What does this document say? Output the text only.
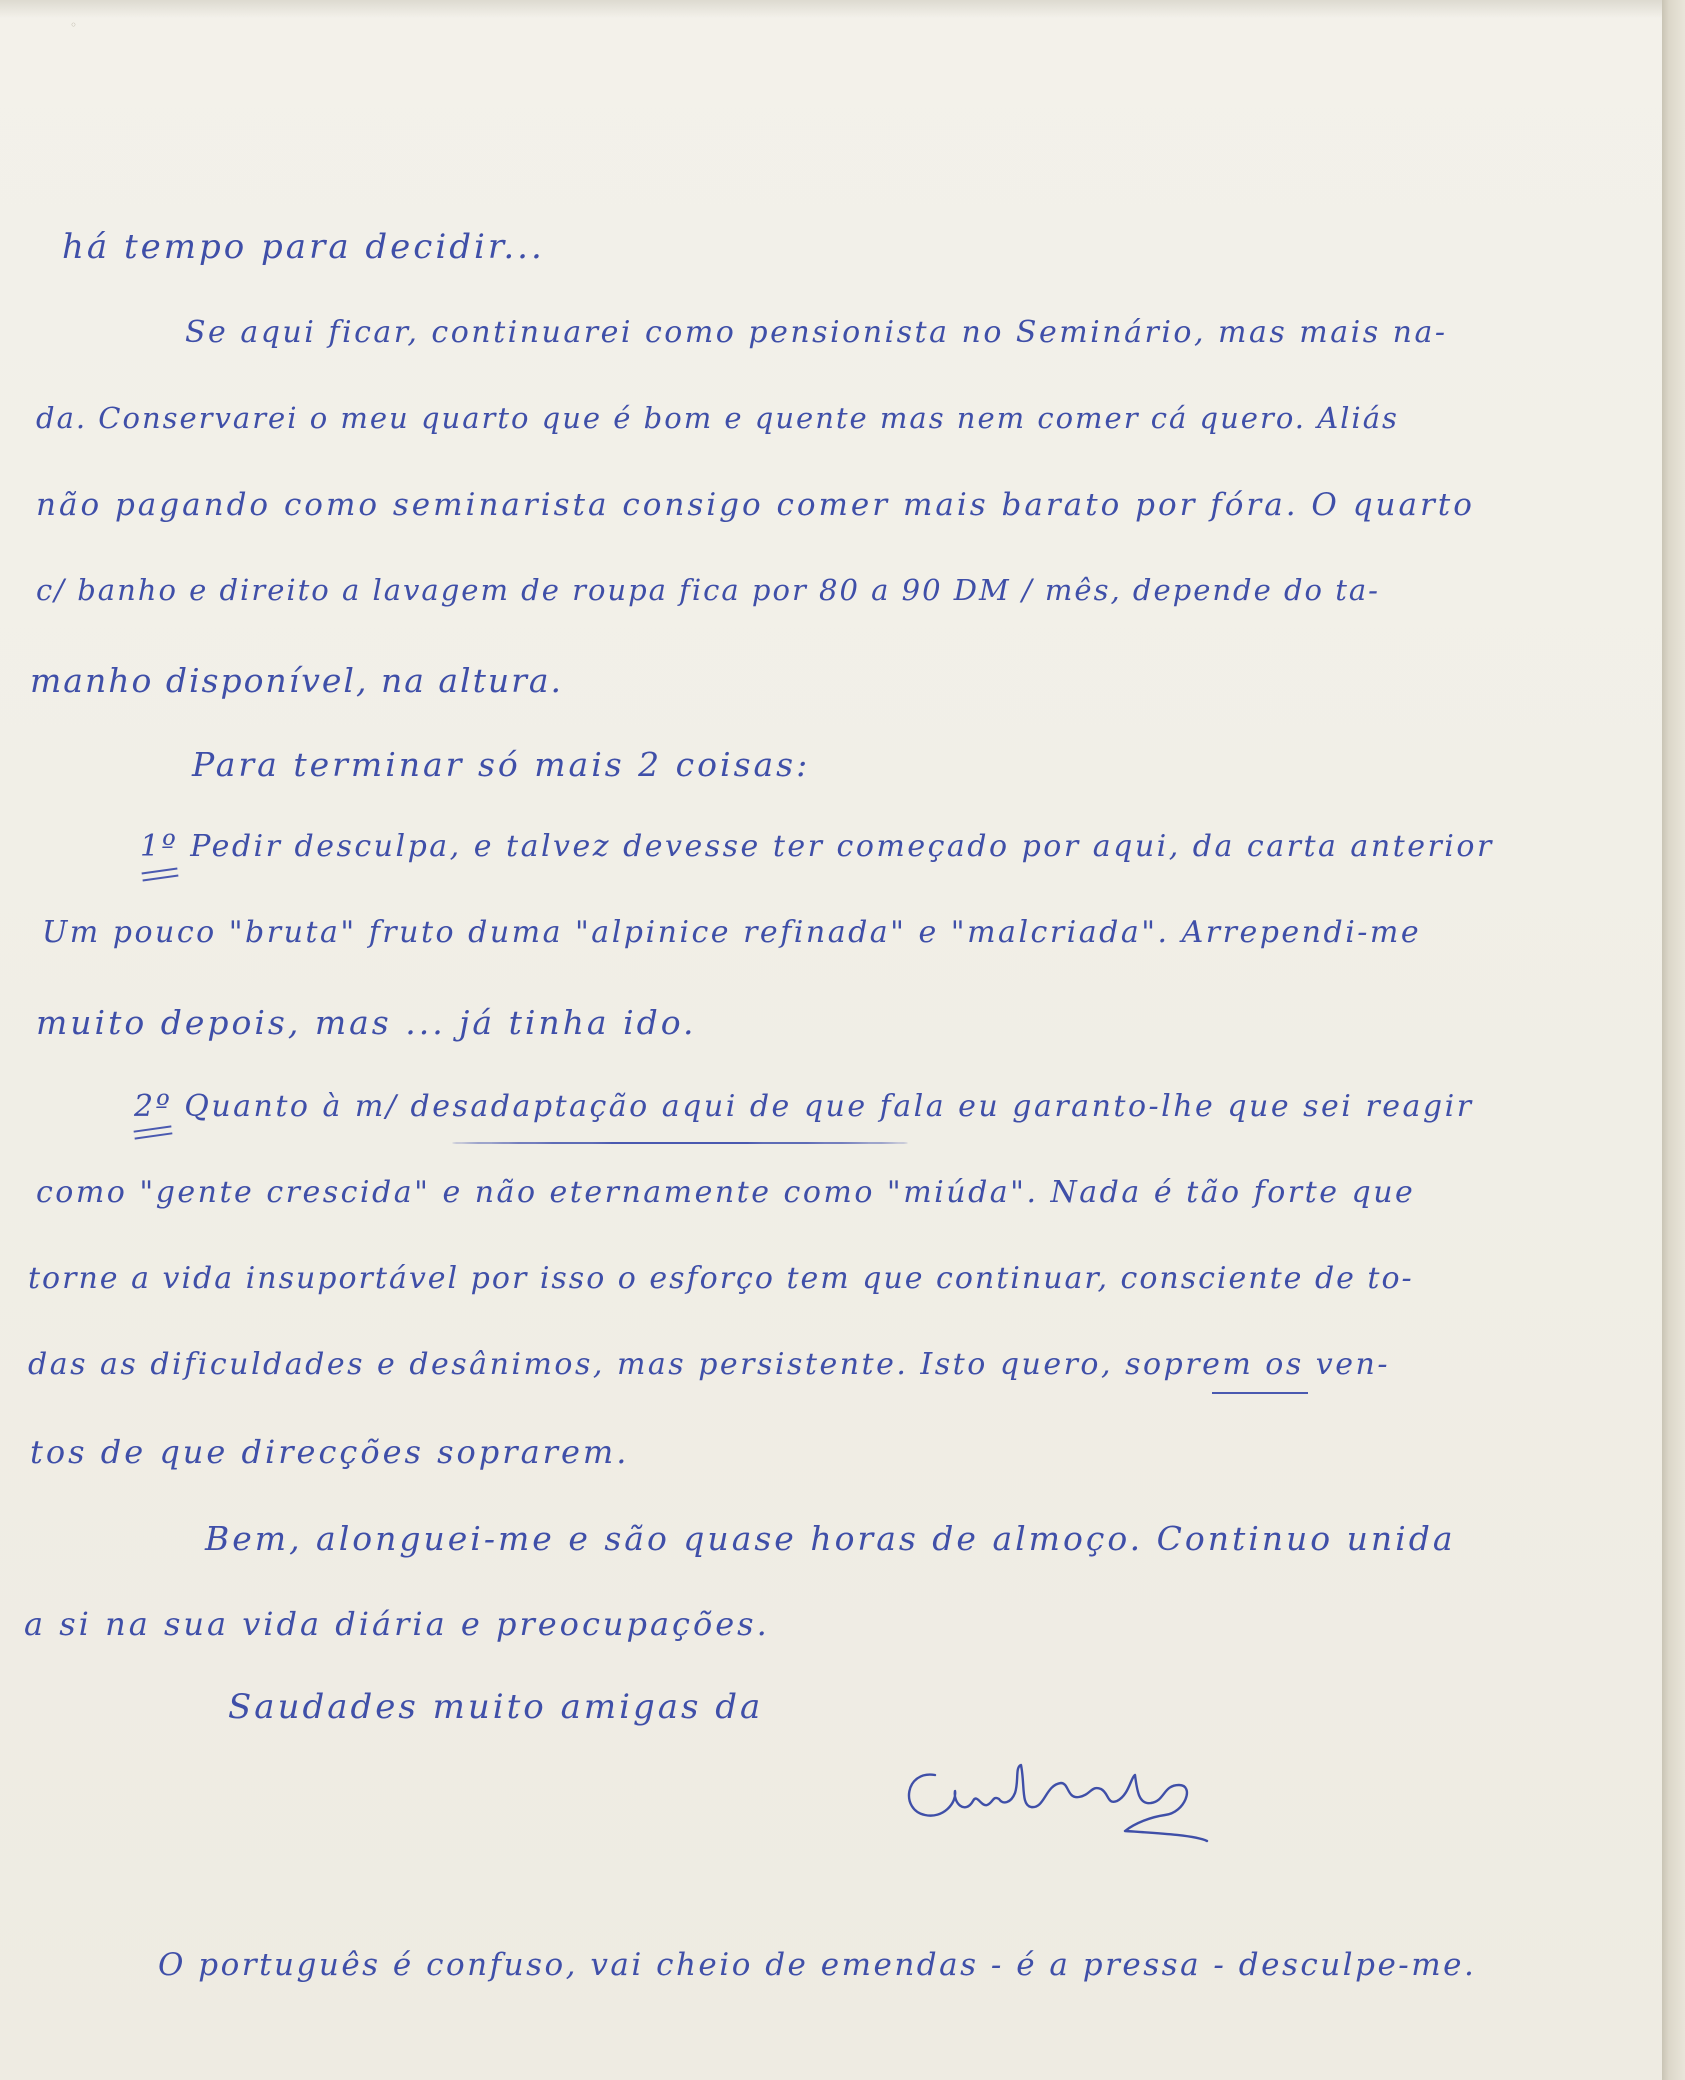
◦
há tempo para decidir...
Se aqui ficar, continuarei como pensionista no Seminário, mas mais na-
da. Conservarei o meu quarto que é bom e quente mas nem comer cá quero. Aliás
não pagando como seminarista consigo comer mais barato por fóra. O quarto
c/ banho e direito a lavagem de roupa fica por 80 a 90 DM / mês, depende do ta-
manho disponível, na altura.
Para terminar só mais 2 coisas:
1º Pedir desculpa, e talvez devesse ter começado por aqui, da carta anterior
Um pouco "bruta" fruto duma "alpinice refinada" e "malcriada". Arrependi-me
muito depois, mas ... já tinha ido.
2º Quanto à m/ desadaptação aqui de que fala eu garanto-lhe que sei reagir
como "gente crescida" e não eternamente como "miúda". Nada é tão forte que
torne a vida insuportável por isso o esforço tem que continuar, consciente de to-
das as dificuldades e desânimos, mas persistente. Isto quero, soprem os ven-
tos de que direcções soprarem.
Bem, alonguei-me e são quase horas de almoço. Continuo unida
a si na sua vida diária e preocupações.
Saudades muito amigas da
O português é confuso, vai cheio de emendas - é a pressa - desculpe-me.
